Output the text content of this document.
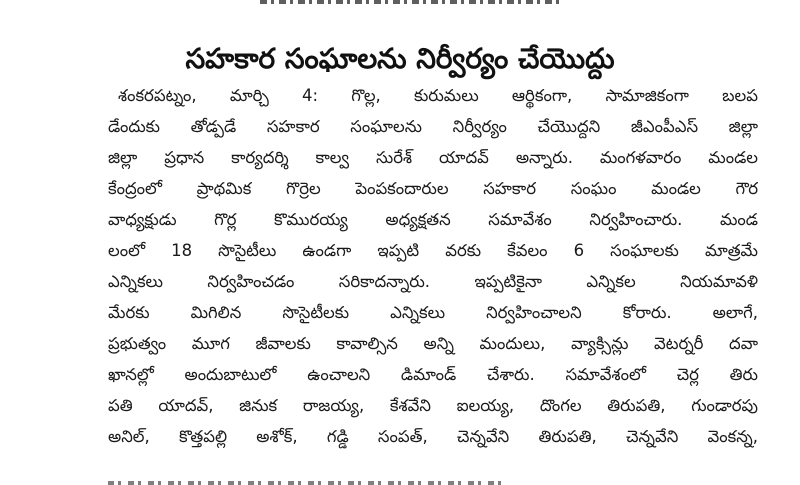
సహకార సంఘాలను నిర్వీర్యం చేయొద్దు
శంకరపట్నం, మార్చి 4: గొల్ల, కురుమలు ఆర్థికంగా, సామాజికంగా బలప
డేందుకు తోడ్పడే సహకార సంఘాలను నిర్వీర్యం చేయొద్దని జీఎంపీఎస్ జిల్లా
జిల్లా ప్రధాన కార్యదర్శి కాల్వ సురేశ్ యాదవ్ అన్నారు. మంగళవారం మండల
కేంద్రంలో ప్రాథమిక గొర్రెల పెంపకందారుల సహకార సంఘం మండల గౌర
వాధ్యక్షుడు గొర్ల కొమురయ్య అధ్యక్షతన సమావేశం నిర్వహించారు. మండ
లంలో 18 సొసైటీలు ఉండగా ఇప్పటి వరకు కేవలం 6 సంఘాలకు మాత్రమే
ఎన్నికలు నిర్వహించడం సరికాదన్నారు. ఇప్పటికైనా ఎన్నికల నియమావళి
మేరకు మిగిలిన సొసైటీలకు ఎన్నికలు నిర్వహించాలని కోరారు. అలాగే,
ప్రభుత్వం మూగ జీవాలకు కావాల్సిన అన్ని మందులు, వ్యాక్సిన్లు వెటర్నరీ దవా
ఖానల్లో అందుబాటులో ఉంచాలని డిమాండ్ చేశారు. సమావేశంలో చెర్ల తిరు
పతి యాదవ్, జినుక రాజయ్య, కేశవేని ఐలయ్య, దొంగల తిరుపతి, గుండారపు
అనిల్, కొత్తపల్లి అశోక్, గడ్డి సంపత్, చెన్నవేని తిరుపతి, చెన్నవేని వెంకన్న,
